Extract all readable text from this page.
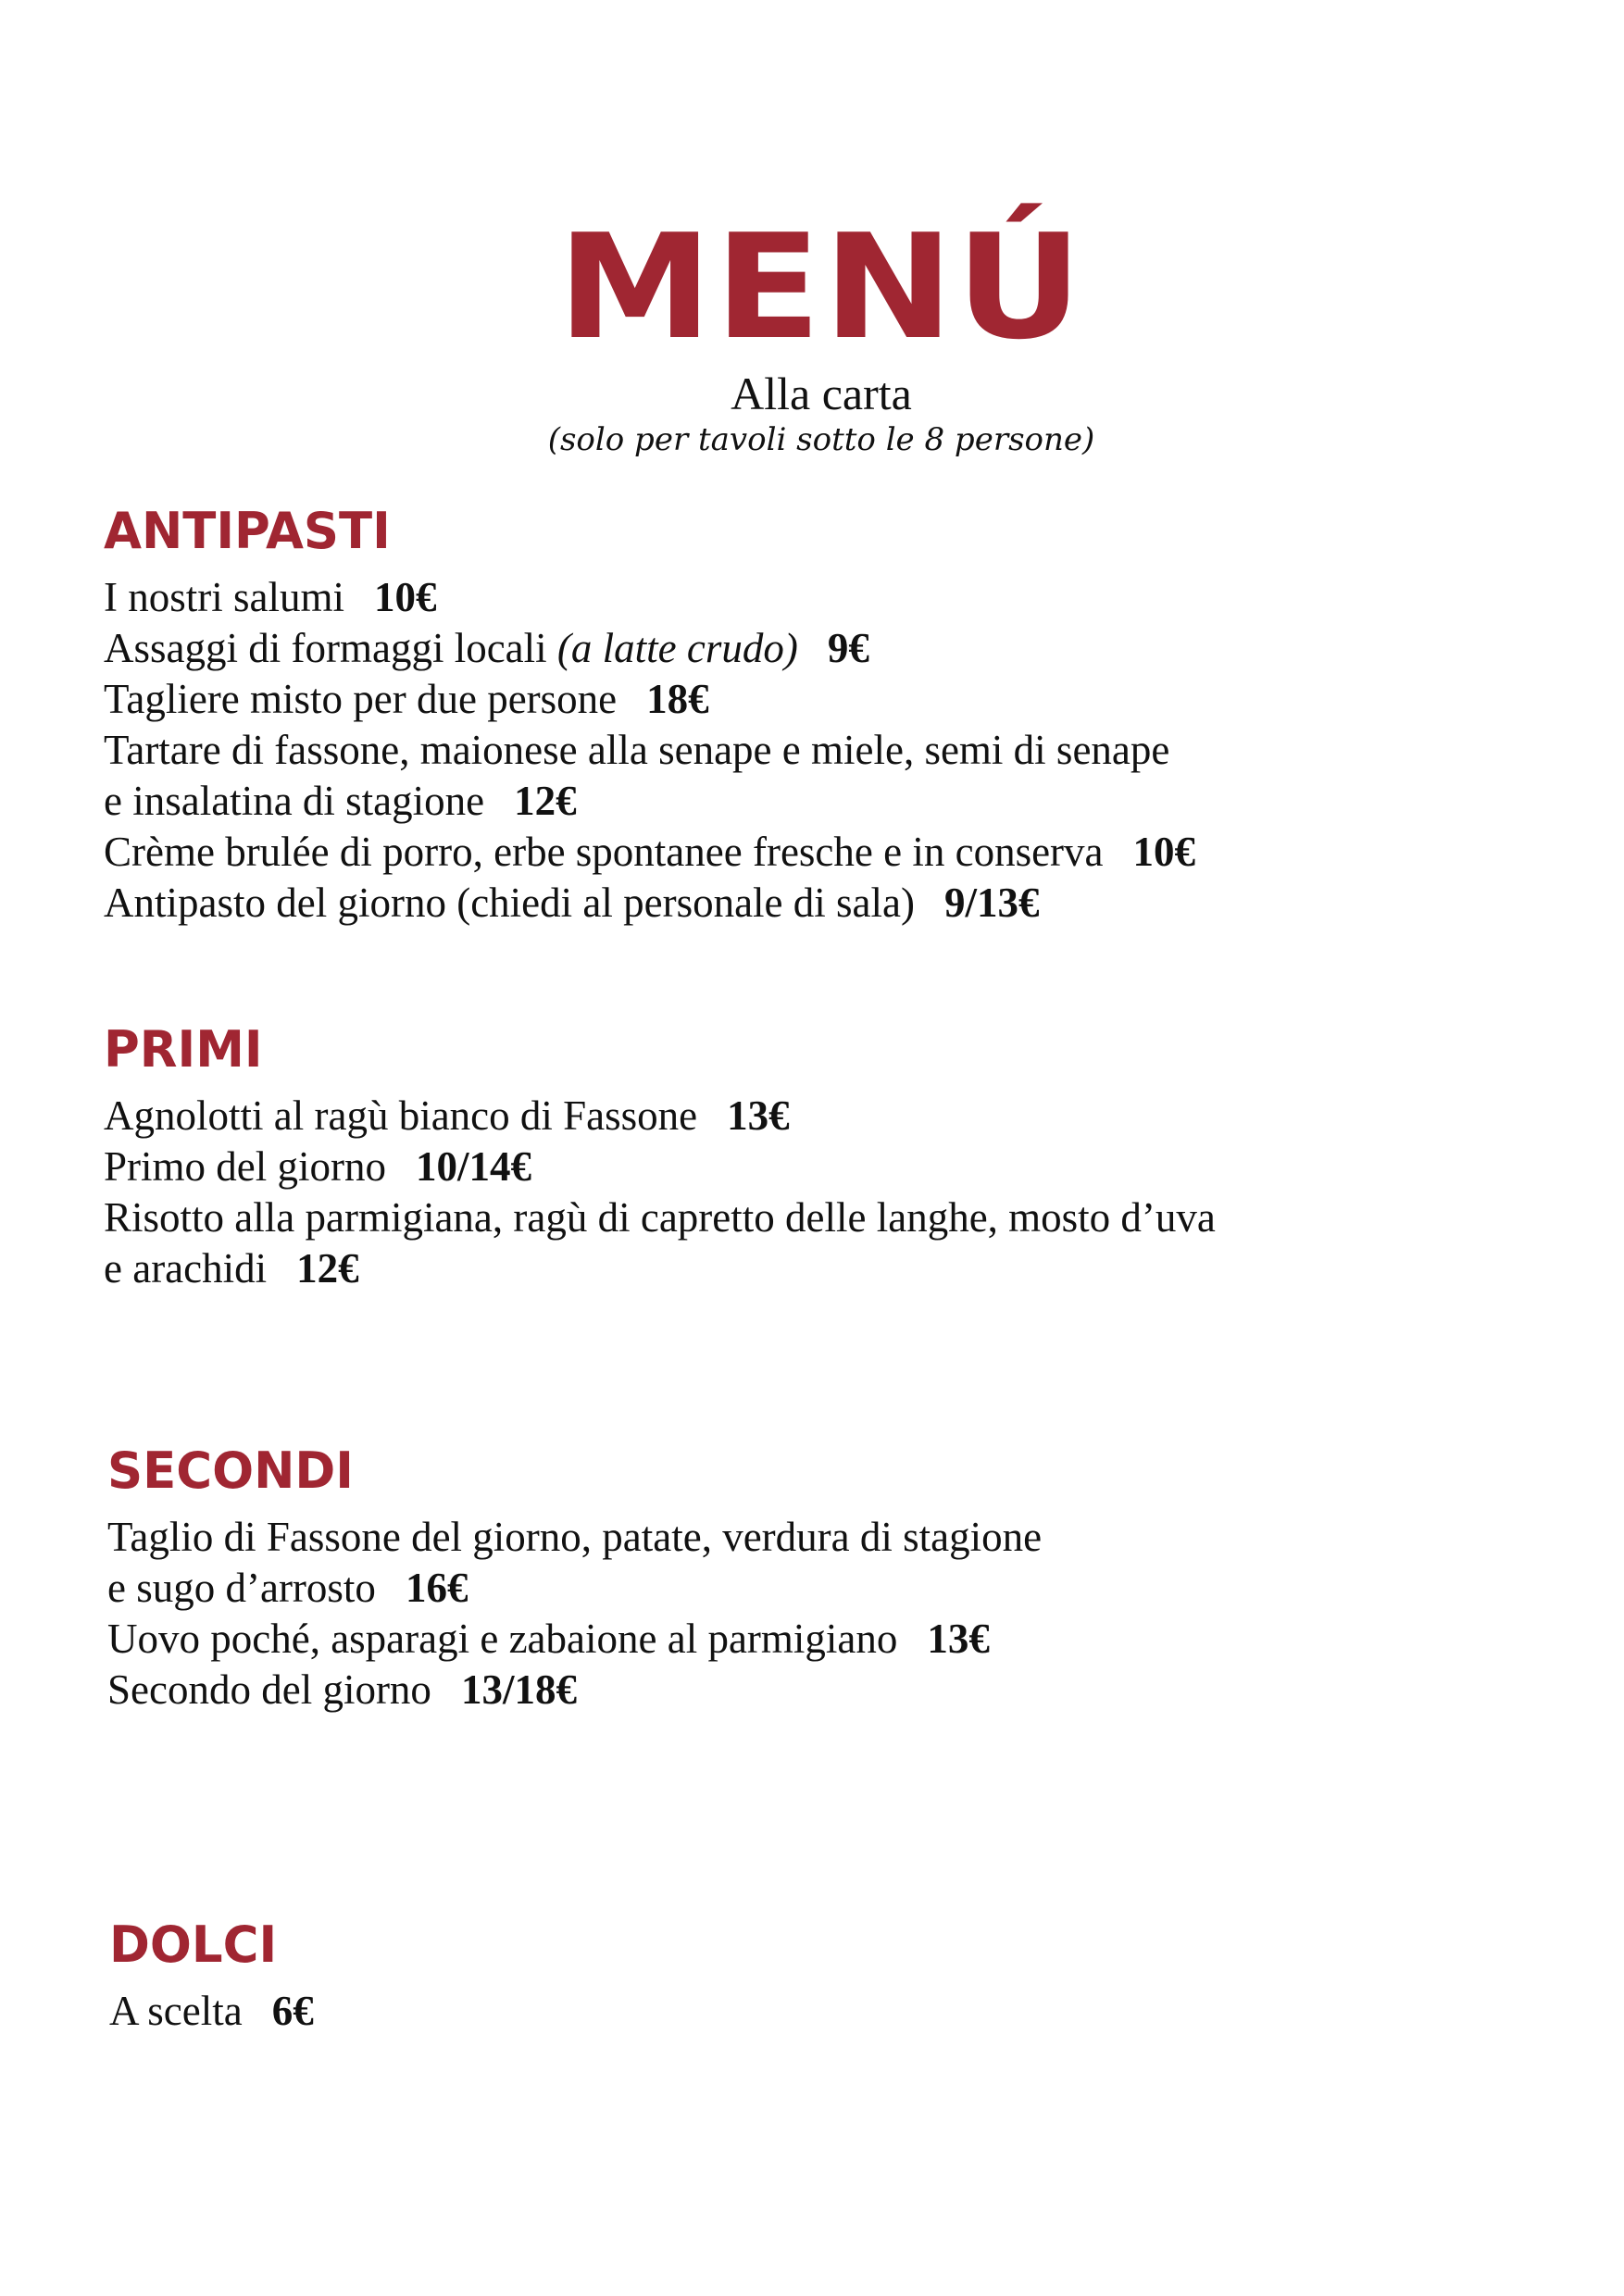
MENÚ
Alla carta
(solo per tavoli sotto le 8 persone)
ANTIPASTI
I nostri salumi 10€
Assaggi di formaggi locali (a latte crudo) 9€
Tagliere misto per due persone 18€
Tartare di fassone, maionese alla senape e miele, semi di senape
e insalatina di stagione 12€
Crème brulée di porro, erbe spontanee fresche e in conserva 10€
Antipasto del giorno (chiedi al personale di sala) 9/13€
PRIMI
Agnolotti al ragù bianco di Fassone 13€
Primo del giorno 10/14€
Risotto alla parmigiana, ragù di capretto delle langhe, mosto d’uva
e arachidi 12€
SECONDI
Taglio di Fassone del giorno, patate, verdura di stagione
e sugo d’arrosto 16€
Uovo poché, asparagi e zabaione al parmigiano 13€
Secondo del giorno 13/18€
DOLCI
A scelta 6€
